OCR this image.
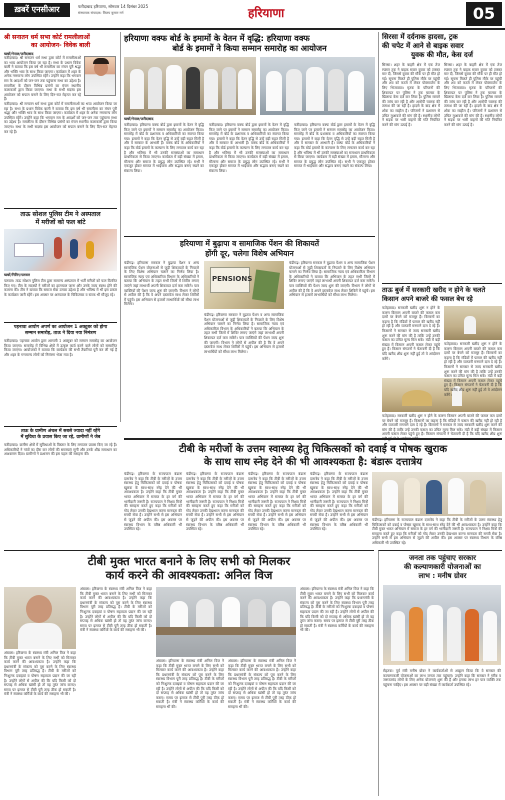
ख़बरें एनसीआर	फरीदाबाद हरियाणा, सोमवार 14 दिसंबर 2025
संस्थापक संपादक: विजय कुमार गर्ग	हरियाणा	05
श्री सनातन धर्म सभा कोर्ट रामलीलाओं
का आयोजन- विवेक बाली
खबरें/नेपाल/फरीदाबाद
फरीदाबाद। श्री सनातन धर्म सभा द्वारा कोर्ट में रामलीलाओं का भव्य आयोजन किया जा रहा है। सभा के प्रधान विवेक बाली ने बताया कि इस वर्ष भी रामलीला का मंचन पूरी श्रद्धा और भक्ति भाव के साथ किया जाएगा। कार्यक्रम में शहर के अनेक गणमान्य लोग उपस्थित रहेंगे। उन्होंने कहा कि भगवान राम के आदर्शों को जन-जन तक पहुंचाना सभा का उद्देश्य है। रामलीला के दौरान विभिन्न प्रसंगों का मंचन स्थानीय कलाकारों द्वारा किया जाएगा। सभा के सभी सदस्य इस आयोजन को सफल बनाने के लिए दिन-रात मेहनत कर रहे हैं।
फरीदाबाद। श्री सनातन धर्म सभा द्वारा कोर्ट में रामलीलाओं का भव्य आयोजन किया जा रहा है। सभा के प्रधान विवेक बाली ने बताया कि इस वर्ष भी रामलीला का मंचन पूरी श्रद्धा और भक्ति भाव के साथ किया जाएगा। कार्यक्रम में शहर के अनेक गणमान्य लोग उपस्थित रहेंगे। उन्होंने कहा कि भगवान राम के आदर्शों को जन-जन तक पहुंचाना सभा का उद्देश्य है। रामलीला के दौरान विभिन्न प्रसंगों का मंचन स्थानीय कलाकारों द्वारा किया जाएगा। सभा के सभी सदस्य इस आयोजन को सफल बनाने के लिए दिन-रात मेहनत कर रहे हैं।
ताऊ सोशल पुलिस टीम ने अस्पताल
में मरीजों को फल बांटे
खबरें/नितिन/पलवल
पलवल। ताऊ सोशल पुलिस टीम द्वारा सामान्य अस्पताल में भर्ती मरीजों को फल वितरित किए गए। टीम के सदस्यों ने मरीजों का हालचाल जाना और उनके जल्द स्वस्थ होने की कामना की। टीम ने बताया कि समाज सेवा उनका उद्देश्य है और भविष्य में भी इस प्रकार के कार्यक्रम जारी रहेंगे। इस अवसर पर अस्पताल के चिकित्सक व स्टाफ भी मौजूद रहे।
पहनावा आयोग अपर्ण का आयोजन 1 अक्टूबर को होगा
सम्मान समारोह, ताऊ ने दिया नया निमंत्रण
फरीदाबाद। पहनावा आयोग द्वारा आगामी 1 अक्टूबर को सम्मान समारोह का आयोजन किया जाएगा। समारोह में विभिन्न क्षेत्रों में उत्कृष्ट कार्य करने वाले लोगों को सम्मानित किया जाएगा। आयोजकों ने बताया कि कार्यक्रम की सभी तैयारियां पूरी कर ली गई हैं और शहर के गणमान्य लोगों को निमंत्रण भेजा गया है।
हरियाणा वक्फ बोर्ड के इमामों के वेतन में वृद्धि: हरियाणा वक्फ
बोर्ड के इमामों ने किया सम्मान समारोह का आयोजन
खबरें/नेपाल/फरीदाबाद
फरीदाबाद। हरियाणा वक्फ बोर्ड द्वारा इमामों के वेतन में वृद्धि किए जाने पर इमामों ने सम्मान समारोह का आयोजन किया। समारोह में बोर्ड के प्रशासक व अधिकारियों का स्वागत किया गया। इमामों ने कहा कि वेतन वृद्धि से उन्हें बड़ी राहत मिली है और वे सरकार के आभारी हैं। वक्फ बोर्ड के अधिकारियों ने कहा कि बोर्ड इमामों के कल्याण के लिए लगातार कार्य कर रहा है और भविष्य में भी उनकी समस्याओं का समाधान प्राथमिकता से किया जाएगा। कार्यक्रम में बड़ी संख्या में इमाम, मौलाना और समाज के प्रबुद्ध लोग उपस्थित रहे। सभी ने एकजुट होकर समाज में भाईचारा और सद्भाव बनाए रखने का संकल्प लिया।
फरीदाबाद। हरियाणा वक्फ बोर्ड द्वारा इमामों के वेतन में वृद्धि किए जाने पर इमामों ने सम्मान समारोह का आयोजन किया। समारोह में बोर्ड के प्रशासक व अधिकारियों का स्वागत किया गया। इमामों ने कहा कि वेतन वृद्धि से उन्हें बड़ी राहत मिली है और वे सरकार के आभारी हैं। वक्फ बोर्ड के अधिकारियों ने कहा कि बोर्ड इमामों के कल्याण के लिए लगातार कार्य कर रहा है और भविष्य में भी उनकी समस्याओं का समाधान प्राथमिकता से किया जाएगा। कार्यक्रम में बड़ी संख्या में इमाम, मौलाना और समाज के प्रबुद्ध लोग उपस्थित रहे। सभी ने एकजुट होकर समाज में भाईचारा और सद्भाव बनाए रखने का संकल्प लिया।
फरीदाबाद। हरियाणा वक्फ बोर्ड द्वारा इमामों के वेतन में वृद्धि किए जाने पर इमामों ने सम्मान समारोह का आयोजन किया। समारोह में बोर्ड के प्रशासक व अधिकारियों का स्वागत किया गया। इमामों ने कहा कि वेतन वृद्धि से उन्हें बड़ी राहत मिली है और वे सरकार के आभारी हैं। वक्फ बोर्ड के अधिकारियों ने कहा कि बोर्ड इमामों के कल्याण के लिए लगातार कार्य कर रहा है और भविष्य में भी उनकी समस्याओं का समाधान प्राथमिकता से किया जाएगा। कार्यक्रम में बड़ी संख्या में इमाम, मौलाना और समाज के प्रबुद्ध लोग उपस्थित रहे। सभी ने एकजुट होकर समाज में भाईचारा और सद्भाव बनाए रखने का संकल्प लिया।
सिरसा में दर्दनाक हादसा, ट्रक
की चपेट में आने से बाइक सवार
युवक की मौत, केस दर्ज
सिरसा। शहर के बाहरी क्षेत्र में एक तेज रफ्तार ट्रक ने बाइक सवार युवक को टक्कर मार दी, जिससे युवक की मौके पर ही मौत हो गई। सूचना मिलते ही पुलिस मौके पर पहुंची और शव को कब्जे में लेकर पोस्टमार्टम के लिए भिजवाया। मृतक के परिजनों की शिकायत पर पुलिस ने ट्रक चालक के खिलाफ केस दर्ज कर लिया है। पुलिस मामले की जांच कर रही है और आरोपी चालक की तलाश की जा रही है। हादसे के बाद क्षेत्र में शोक का माहौल है। परिजनों ने प्रशासन से उचित मुआवजे की मांग की है। स्थानीय लोगों ने सड़क पर भारी वाहनों की गति नियंत्रित करने की मांग उठाई है।
सिरसा। शहर के बाहरी क्षेत्र में एक तेज रफ्तार ट्रक ने बाइक सवार युवक को टक्कर मार दी, जिससे युवक की मौके पर ही मौत हो गई। सूचना मिलते ही पुलिस मौके पर पहुंची और शव को कब्जे में लेकर पोस्टमार्टम के लिए भिजवाया। मृतक के परिजनों की शिकायत पर पुलिस ने ट्रक चालक के खिलाफ केस दर्ज कर लिया है। पुलिस मामले की जांच कर रही है और आरोपी चालक की तलाश की जा रही है। हादसे के बाद क्षेत्र में शोक का माहौल है। परिजनों ने प्रशासन से उचित मुआवजे की मांग की है। स्थानीय लोगों ने सड़क पर भारी वाहनों की गति नियंत्रित करने की मांग उठाई है।
हरियाणा में बुढ़ापा व सामाजिक पेंशन की शिकायतें
होंगी दूर, चलेगा विशेष अभियान
चंडीगढ़। हरियाणा सरकार ने बुढ़ापा पेंशन व अन्य सामाजिक पेंशन योजनाओं से जुड़ी शिकायतों के निपटारे के लिए विशेष अभियान चलाने का निर्णय लिया है। सामाजिक न्याय एवं अधिकारिता विभाग के अधिकारियों ने बताया कि अभियान के तहत सभी जिलों में शिविर लगाए जाएंगे जहां लाभार्थी अपनी शिकायत दर्ज करा सकेंगे। पात्र व्यक्तियों की पेंशन जल्द शुरू की जाएगी। विभाग ने लोगों से अपील की है कि वे अपने दस्तावेज साथ लेकर शिविरों में पहुंचें। इस अभियान से हजारों लाभार्थियों को सीधा लाभ मिलेगा।
PENSIONS
चंडीगढ़। हरियाणा सरकार ने बुढ़ापा पेंशन व अन्य सामाजिक पेंशन योजनाओं से जुड़ी शिकायतों के निपटारे के लिए विशेष अभियान चलाने का निर्णय लिया है। सामाजिक न्याय एवं अधिकारिता विभाग के अधिकारियों ने बताया कि अभियान के तहत सभी जिलों में शिविर लगाए जाएंगे जहां लाभार्थी अपनी शिकायत दर्ज करा सकेंगे। पात्र व्यक्तियों की पेंशन जल्द शुरू की जाएगी। विभाग ने लोगों से अपील की है कि वे अपने दस्तावेज साथ लेकर शिविरों में पहुंचें। इस अभियान से हजारों लाभार्थियों को सीधा लाभ मिलेगा।
चंडीगढ़। हरियाणा सरकार ने बुढ़ापा पेंशन व अन्य सामाजिक पेंशन योजनाओं से जुड़ी शिकायतों के निपटारे के लिए विशेष अभियान चलाने का निर्णय लिया है। सामाजिक न्याय एवं अधिकारिता विभाग के अधिकारियों ने बताया कि अभियान के तहत सभी जिलों में शिविर लगाए जाएंगे जहां लाभार्थी अपनी शिकायत दर्ज करा सकेंगे। पात्र व्यक्तियों की पेंशन जल्द शुरू की जाएगी। विभाग ने लोगों से अपील की है कि वे अपने दस्तावेज साथ लेकर शिविरों में पहुंचें। इस अभियान से हजारों लाभार्थियों को सीधा लाभ मिलेगा।
ताऊ बुर्ज में सरकारी खरीद न होने के चलते
किसान अपने बाजरे की फसल बेच रहे
फतेहाबाद। सरकारी खरीद शुरू न होने के कारण किसान अपनी बाजरे की फसल कम दामों पर बेचने को मजबूर हैं। किसानों का कहना है कि मंडियों में फसल की खरीद नहीं हो रही है और व्यापारी मनमाने दाम दे रहे हैं। किसानों ने सरकार से जल्द सरकारी खरीद शुरू करने की मांग की है ताकि उन्हें उनकी फसल का उचित मूल्य मिल सके। मंडी में बड़ी संख्या में किसान अपनी फसल लेकर पहुंचे हुए हैं। किसान संगठनों ने चेतावनी दी है कि यदि खरीद शीघ्र शुरू नहीं हुई तो वे आंदोलन करेंगे।
फतेहाबाद। सरकारी खरीद शुरू न होने के कारण किसान अपनी बाजरे की फसल कम दामों पर बेचने को मजबूर हैं। किसानों का कहना है कि मंडियों में फसल की खरीद नहीं हो रही है और व्यापारी मनमाने दाम दे रहे हैं। किसानों ने सरकार से जल्द सरकारी खरीद शुरू करने की मांग की है ताकि उन्हें उनकी फसल का उचित मूल्य मिल सके। मंडी में बड़ी संख्या में किसान अपनी फसल लेकर पहुंचे हुए हैं। किसान संगठनों ने चेतावनी दी है कि यदि खरीद शीघ्र शुरू नहीं हुई तो वे आंदोलन करेंगे।
फतेहाबाद। सरकारी खरीद शुरू न होने के कारण किसान अपनी बाजरे की फसल कम दामों पर बेचने को मजबूर हैं। किसानों का कहना है कि मंडियों में फसल की खरीद नहीं हो रही है और व्यापारी मनमाने दाम दे रहे हैं। किसानों ने सरकार से जल्द सरकारी खरीद शुरू करने की मांग की है ताकि उन्हें उनकी फसल का उचित मूल्य मिल सके। मंडी में बड़ी संख्या में किसान अपनी फसल लेकर पहुंचे हुए हैं। किसान संगठनों ने चेतावनी दी है कि यदि खरीद शीघ्र शुरू नहीं हुई तो वे आंदोलन करेंगे।
ताऊ के ग्रामीण अंचल में सबसे ज्यादा नहीं रहेंगे
में सुविधा के प्रयास किए जा रहे, ग्रामीणों ने जेब
फरीदाबाद। ग्रामीण क्षेत्रों में सुविधाओं के विस्तार के लिए लगातार प्रयास किए जा रहे हैं। अधिकारियों ने गांवों का दौरा कर लोगों की समस्याएं सुनीं और उनके शीघ्र समाधान का आश्वासन दिया। ग्रामीणों ने प्रशासन की इस पहल की सराहना की।	टीबी के मरीजों के उत्तम स्वास्थ्य हेतु चिकित्सकों को दवाई व पोषक खुराक
के साथ साथ स्नेह देने की भी आवश्यकता है: बंडारू दत्तात्रेय
चंडीगढ़। हरियाणा के राज्यपाल बंडारू दत्तात्रेय ने कहा कि टीबी के मरीजों के उत्तम स्वास्थ्य हेतु चिकित्सकों को दवाई व पोषक खुराक के साथ-साथ स्नेह देने की भी आवश्यकता है। उन्होंने कहा कि टीबी मुक्त भारत अभियान में समाज के हर वर्ग की भागीदारी जरूरी है। राज्यपाल ने निक्षय मित्रों की सराहना करते हुए कहा कि मरीजों को गोद लेकर उनकी देखभाल करना मानवता की सच्ची सेवा है। उन्होंने सभी से इस अभियान से जुड़ने की अपील की। इस अवसर पर स्वास्थ्य विभाग के वरिष्ठ अधिकारी भी उपस्थित रहे।
चंडीगढ़। हरियाणा के राज्यपाल बंडारू दत्तात्रेय ने कहा कि टीबी के मरीजों के उत्तम स्वास्थ्य हेतु चिकित्सकों को दवाई व पोषक खुराक के साथ-साथ स्नेह देने की भी आवश्यकता है। उन्होंने कहा कि टीबी मुक्त भारत अभियान में समाज के हर वर्ग की भागीदारी जरूरी है। राज्यपाल ने निक्षय मित्रों की सराहना करते हुए कहा कि मरीजों को गोद लेकर उनकी देखभाल करना मानवता की सच्ची सेवा है। उन्होंने सभी से इस अभियान से जुड़ने की अपील की। इस अवसर पर स्वास्थ्य विभाग के वरिष्ठ अधिकारी भी उपस्थित रहे।
चंडीगढ़। हरियाणा के राज्यपाल बंडारू दत्तात्रेय ने कहा कि टीबी के मरीजों के उत्तम स्वास्थ्य हेतु चिकित्सकों को दवाई व पोषक खुराक के साथ-साथ स्नेह देने की भी आवश्यकता है। उन्होंने कहा कि टीबी मुक्त भारत अभियान में समाज के हर वर्ग की भागीदारी जरूरी है। राज्यपाल ने निक्षय मित्रों की सराहना करते हुए कहा कि मरीजों को गोद लेकर उनकी देखभाल करना मानवता की सच्ची सेवा है। उन्होंने सभी से इस अभियान से जुड़ने की अपील की। इस अवसर पर स्वास्थ्य विभाग के वरिष्ठ अधिकारी भी उपस्थित रहे।
चंडीगढ़। हरियाणा के राज्यपाल बंडारू दत्तात्रेय ने कहा कि टीबी के मरीजों के उत्तम स्वास्थ्य हेतु चिकित्सकों को दवाई व पोषक खुराक के साथ-साथ स्नेह देने की भी आवश्यकता है। उन्होंने कहा कि टीबी मुक्त भारत अभियान में समाज के हर वर्ग की भागीदारी जरूरी है। राज्यपाल ने निक्षय मित्रों की सराहना करते हुए कहा कि मरीजों को गोद लेकर उनकी देखभाल करना मानवता की सच्ची सेवा है। उन्होंने सभी से इस अभियान से जुड़ने की अपील की। इस अवसर पर स्वास्थ्य विभाग के वरिष्ठ अधिकारी भी उपस्थित रहे।
चंडीगढ़। हरियाणा के राज्यपाल बंडारू दत्तात्रेय ने कहा कि टीबी के मरीजों के उत्तम स्वास्थ्य हेतु चिकित्सकों को दवाई व पोषक खुराक के साथ-साथ स्नेह देने की भी आवश्यकता है। उन्होंने कहा कि टीबी मुक्त भारत अभियान में समाज के हर वर्ग की भागीदारी जरूरी है। राज्यपाल ने निक्षय मित्रों की सराहना करते हुए कहा कि मरीजों को गोद लेकर उनकी देखभाल करना मानवता की सच्ची सेवा है। उन्होंने सभी से इस अभियान से जुड़ने की अपील की। इस अवसर पर स्वास्थ्य विभाग के वरिष्ठ अधिकारी भी उपस्थित रहे।
टीबी मुक्त भारत बनाने के लिए सभी को मिलकर
कार्य करने की आवश्यकता: अनिल विज
अंबाला। हरियाणा के स्वास्थ्य मंत्री अनिल विज ने कहा कि टीबी मुक्त भारत बनाने के लिए सभी को मिलकर कार्य करने की आवश्यकता है। उन्होंने कहा कि प्रधानमंत्री के संकल्प को पूरा करने के लिए स्वास्थ्य विभाग पूरी तरह प्रतिबद्ध है। टीबी के मरीजों को निःशुल्क दवाइयां व पोषण सहायता प्रदान की जा रही है। उन्होंने लोगों से अपील की कि यदि किसी को दो सप्ताह से अधिक खांसी हो तो वह तुरंत जांच कराए। समय पर इलाज से टीबी पूरी तरह ठीक हो सकती है। मंत्री ने स्वास्थ्य कर्मियों के कार्य की सराहना भी की।
अंबाला। हरियाणा के स्वास्थ्य मंत्री अनिल विज ने कहा कि टीबी मुक्त भारत बनाने के लिए सभी को मिलकर कार्य करने की आवश्यकता है। उन्होंने कहा कि प्रधानमंत्री के संकल्प को पूरा करने के लिए स्वास्थ्य विभाग पूरी तरह प्रतिबद्ध है। टीबी के मरीजों को निःशुल्क दवाइयां व पोषण सहायता प्रदान की जा रही है। उन्होंने लोगों से अपील की कि यदि किसी को दो सप्ताह से अधिक खांसी हो तो वह तुरंत जांच कराए। समय पर इलाज से टीबी पूरी तरह ठीक हो सकती है। मंत्री ने स्वास्थ्य कर्मियों के कार्य की सराहना भी की।
अंबाला। हरियाणा के स्वास्थ्य मंत्री अनिल विज ने कहा कि टीबी मुक्त भारत बनाने के लिए सभी को मिलकर कार्य करने की आवश्यकता है। उन्होंने कहा कि प्रधानमंत्री के संकल्प को पूरा करने के लिए स्वास्थ्य विभाग पूरी तरह प्रतिबद्ध है। टीबी के मरीजों को निःशुल्क दवाइयां व पोषण सहायता प्रदान की जा रही है। उन्होंने लोगों से अपील की कि यदि किसी को दो सप्ताह से अधिक खांसी हो तो वह तुरंत जांच कराए। समय पर इलाज से टीबी पूरी तरह ठीक हो सकती है। मंत्री ने स्वास्थ्य कर्मियों के कार्य की सराहना भी की।
अंबाला। हरियाणा के स्वास्थ्य मंत्री अनिल विज ने कहा कि टीबी मुक्त भारत बनाने के लिए सभी को मिलकर कार्य करने की आवश्यकता है। उन्होंने कहा कि प्रधानमंत्री के संकल्प को पूरा करने के लिए स्वास्थ्य विभाग पूरी तरह प्रतिबद्ध है। टीबी के मरीजों को निःशुल्क दवाइयां व पोषण सहायता प्रदान की जा रही है। उन्होंने लोगों से अपील की कि यदि किसी को दो सप्ताह से अधिक खांसी हो तो वह तुरंत जांच कराए। समय पर इलाज से टीबी पूरी तरह ठीक हो सकती है। मंत्री ने स्वास्थ्य कर्मियों के कार्य की सराहना भी की।
अंबाला। हरियाणा के स्वास्थ्य मंत्री अनिल विज ने कहा कि टीबी मुक्त भारत बनाने के लिए सभी को मिलकर कार्य करने की आवश्यकता है। उन्होंने कहा कि प्रधानमंत्री के संकल्प को पूरा करने के लिए स्वास्थ्य विभाग पूरी तरह प्रतिबद्ध है। टीबी के मरीजों को निःशुल्क दवाइयां व पोषण सहायता प्रदान की जा रही है। उन्होंने लोगों से अपील की कि यदि किसी को दो सप्ताह से अधिक खांसी हो तो वह तुरंत जांच कराए। समय पर इलाज से टीबी पूरी तरह ठीक हो सकती है। मंत्री ने स्वास्थ्य कर्मियों के कार्य की सराहना भी की।
जनता तक पहुंचाए सरकार
की कल्याणकारी योजनाओं का
लाभ : मनीष ग्रोवर
रोहतक। पूर्व मंत्री मनीष ग्रोवर ने कार्यकर्ताओं से आह्वान किया कि वे सरकार की कल्याणकारी योजनाओं का लाभ जनता तक पहुंचाएं। उन्होंने कहा कि सरकार ने गरीब व जरूरतमंद लोगों के लिए अनेक योजनाएं शुरू की हैं और इनका लाभ हर पात्र व्यक्ति तक पहुंचना चाहिए। इस अवसर पर बड़ी संख्या में कार्यकर्ता उपस्थित रहे।
